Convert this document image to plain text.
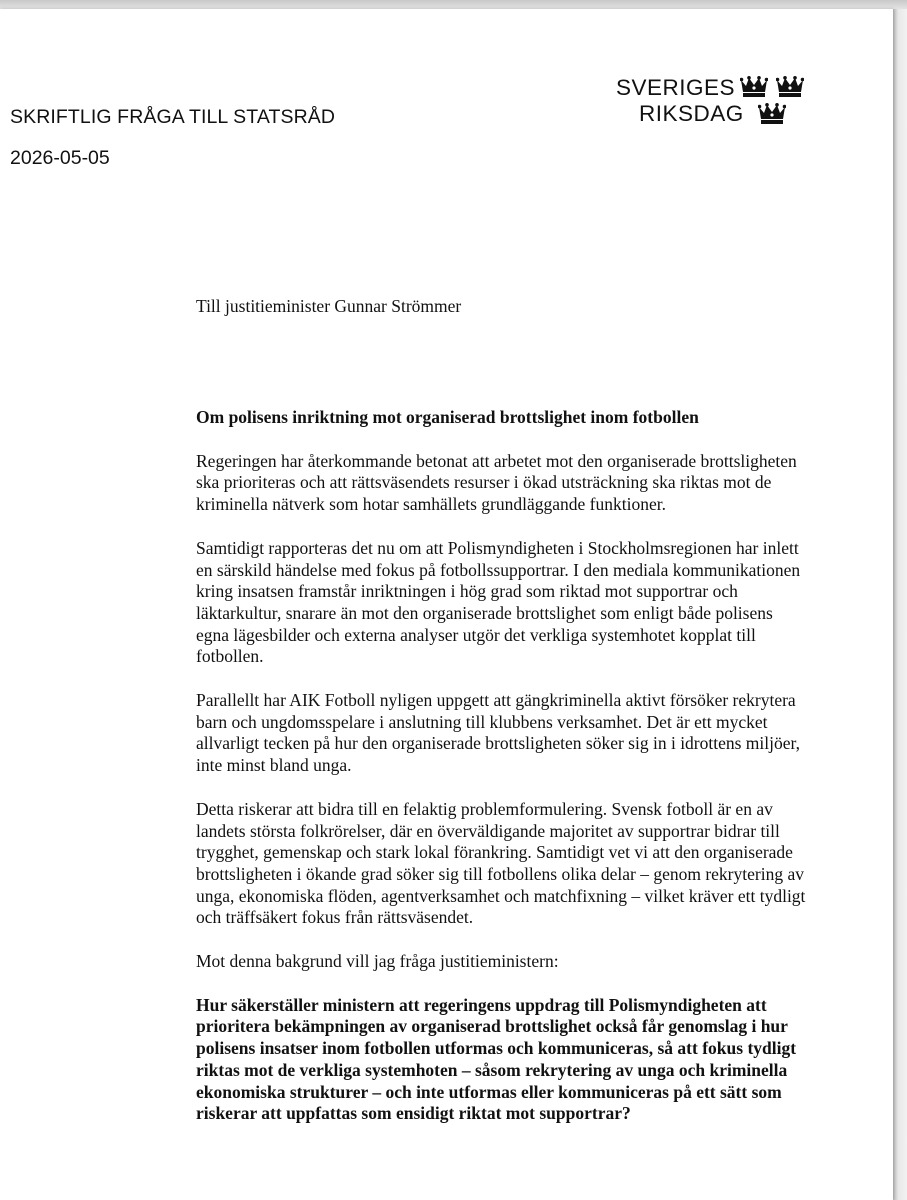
SKRIFTLIG FRÅGA TILL STATSRÅD
2026-05-05
SVERIGES
RIKSDAG
Till justitieminister Gunnar Strömmer
Om polisens inriktning mot organiserad brottslighet inom fotbollen

Regeringen har återkommande betonat att arbetet mot den organiserade brottsligheten ska prioriteras och att rättsväsendets resurser i ökad utsträckning ska riktas mot de kriminella nätverk som hotar samhällets grundläggande funktioner.

Samtidigt rapporteras det nu om att Polismyndigheten i Stockholmsregionen har inlett en särskild händelse med fokus på fotbollssupportrar. I den mediala kommunikationen kring insatsen framstår inriktningen i hög grad som riktad mot supportrar och läktarkultur, snarare än mot den organiserade brottslighet som enligt både polisens egna lägesbilder och externa analyser utgör det verkliga systemhotet kopplat till fotbollen.

Parallellt har AIK Fotboll nyligen uppgett att gängkriminella aktivt försöker rekrytera barn och ungdomsspelare i anslutning till klubbens verksamhet. Det är ett mycket allvarligt tecken på hur den organiserade brottsligheten söker sig in i idrottens miljöer, inte minst bland unga.

Detta riskerar att bidra till en felaktig problemformulering. Svensk fotboll är en av landets största folkrörelser, där en överväldigande majoritet av supportrar bidrar till trygghet, gemenskap och stark lokal förankring. Samtidigt vet vi att den organiserade brottsligheten i ökande grad söker sig till fotbollens olika delar – genom rekrytering av unga, ekonomiska flöden, agentverksamhet och matchfixning – vilket kräver ett tydligt och träffsäkert fokus från rättsväsendet.

Mot denna bakgrund vill jag fråga justitieministern:

Hur säkerställer ministern att regeringens uppdrag till Polismyndigheten att prioritera bekämpningen av organiserad brottslighet också får genomslag i hur polisens insatser inom fotbollen utformas och kommuniceras, så att fokus tydligt riktas mot de verkliga systemhoten – såsom rekrytering av unga och kriminella ekonomiska strukturer – och inte utformas eller kommuniceras på ett sätt som riskerar att uppfattas som ensidigt riktat mot supportrar?
